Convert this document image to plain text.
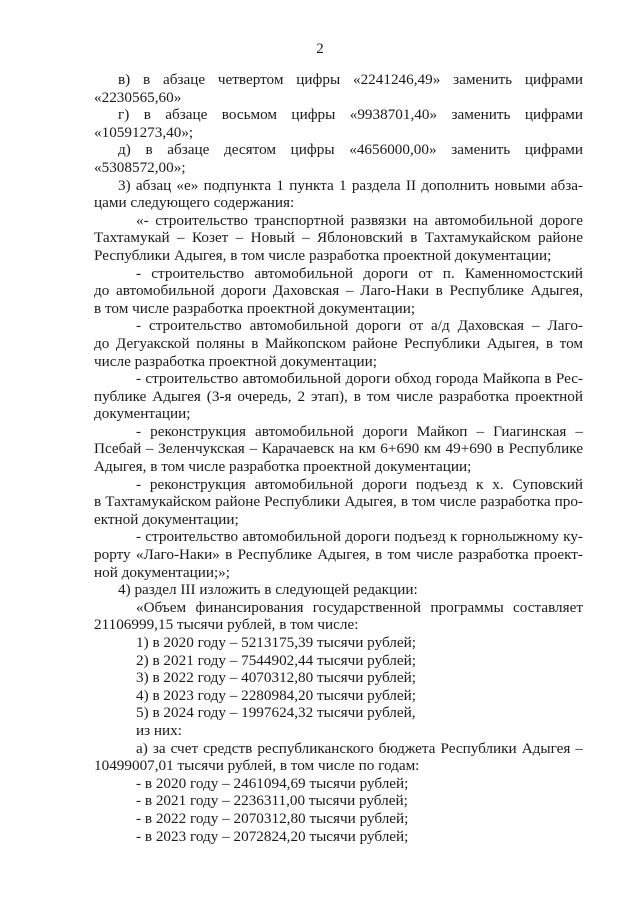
2
в) в абзаце четвертом цифры «2241246,49» заменить цифрами
«2230565,60»
г) в абзаце восьмом цифры «9938701,40» заменить цифрами
«10591273,40»;
д) в абзаце десятом цифры «4656000,00» заменить цифрами
«5308572,00»;
3) абзац «е» подпункта 1 пункта 1 раздела II дополнить новыми абза-
цами следующего содержания:
«- строительство транспортной развязки на автомобильной дороге
Тахтамукай – Козет – Новый – Яблоновский в Тахтамукайском районе
Республики Адыгея, в том числе разработка проектной документации;
- строительство автомобильной дороги от п. Каменномостский
до автомобильной дороги Даховская – Лаго-Наки в Республике Адыгея,
в том числе разработка проектной документации;
- строительство автомобильной дороги от а/д Даховская – Лаго-
до Дегуакской поляны в Майкопском районе Республики Адыгея, в том
числе разработка проектной документации;
- строительство автомобильной дороги обход города Майкопа в Рес-
публике Адыгея (3-я очередь, 2 этап), в том числе разработка проектной
документации;
- реконструкция автомобильной дороги Майкоп – Гиагинская –
Псебай – Зеленчукская – Карачаевск на км 6+690 км 49+690 в Республике
Адыгея, в том числе разработка проектной документации;
- реконструкция автомобильной дороги подъезд к х. Суповский
в Тахтамукайском районе Республики Адыгея, в том числе разработка про-
ектной документации;
- строительство автомобильной дороги подъезд к горнолыжному ку-
рорту «Лаго-Наки» в Республике Адыгея, в том числе разработка проект-
ной документации;»;
4) раздел III изложить в следующей редакции:
«Объем финансирования государственной программы составляет
21106999,15 тысячи рублей, в том числе:
1) в 2020 году – 5213175,39 тысячи рублей;
2) в 2021 году – 7544902,44 тысячи рублей;
3) в 2022 году – 4070312,80 тысячи рублей;
4) в 2023 году – 2280984,20 тысячи рублей;
5) в 2024 году – 1997624,32 тысячи рублей,
из них:
а) за счет средств республиканского бюджета Республики Адыгея –
10499007,01 тысячи рублей, в том числе по годам:
- в 2020 году – 2461094,69 тысячи рублей;
- в 2021 году – 2236311,00 тысячи рублей;
- в 2022 году – 2070312,80 тысячи рублей;
- в 2023 году – 2072824,20 тысячи рублей;
